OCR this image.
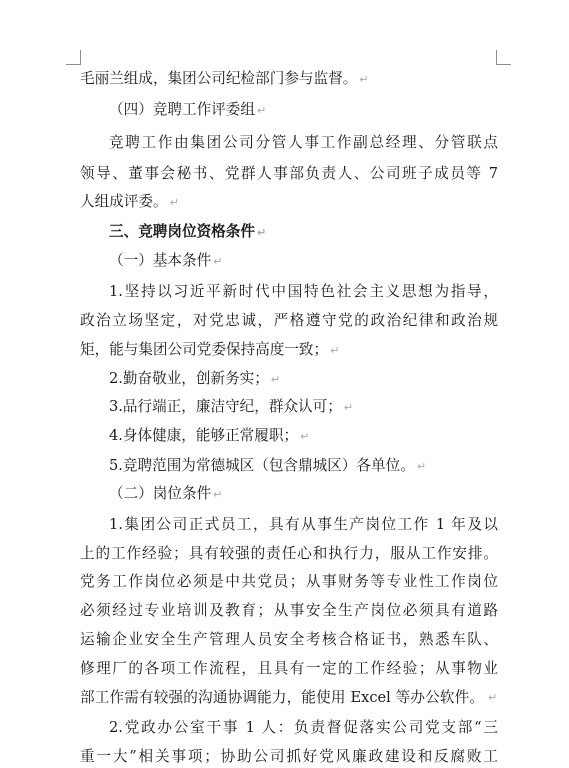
毛丽兰组成，集团公司纪检部门参与监督。 ↵
（四）竞聘工作评委组 ↵
竞聘工作由集团公司分管人事工作副总经理、分管联点
领导、董事会秘书、党群人事部负责人、公司班子成员等 7
人组成评委。 ↵
三、竞聘岗位资格条件 ↵
（一）基本条件 ↵
1.坚持以习近平新时代中国特色社会主义思想为指导，
政治立场坚定，对党忠诚，严格遵守党的政治纪律和政治规
矩，能与集团公司党委保持高度一致； ↵
2.勤奋敬业，创新务实； ↵
3.品行端正，廉洁守纪，群众认可； ↵
4.身体健康，能够正常履职； ↵
5.竞聘范围为常德城区（包含鼎城区）各单位。 ↵
（二）岗位条件 ↵
1.集团公司正式员工，具有从事生产岗位工作 1 年及以
上的工作经验；具有较强的责任心和执行力，服从工作安排。
党务工作岗位必须是中共党员；从事财务等专业性工作岗位
必须经过专业培训及教育；从事安全生产岗位必须具有道路
运输企业安全生产管理人员安全考核合格证书，熟悉车队、
修理厂的各项工作流程，且具有一定的工作经验；从事物业
部工作需有较强的沟通协调能力，能使用 Excel 等办公软件。 ↵
2.党政办公室干事 1 人：负责督促落实公司党支部“三
重一大”相关事项；协助公司抓好党风廉政建设和反腐败工
